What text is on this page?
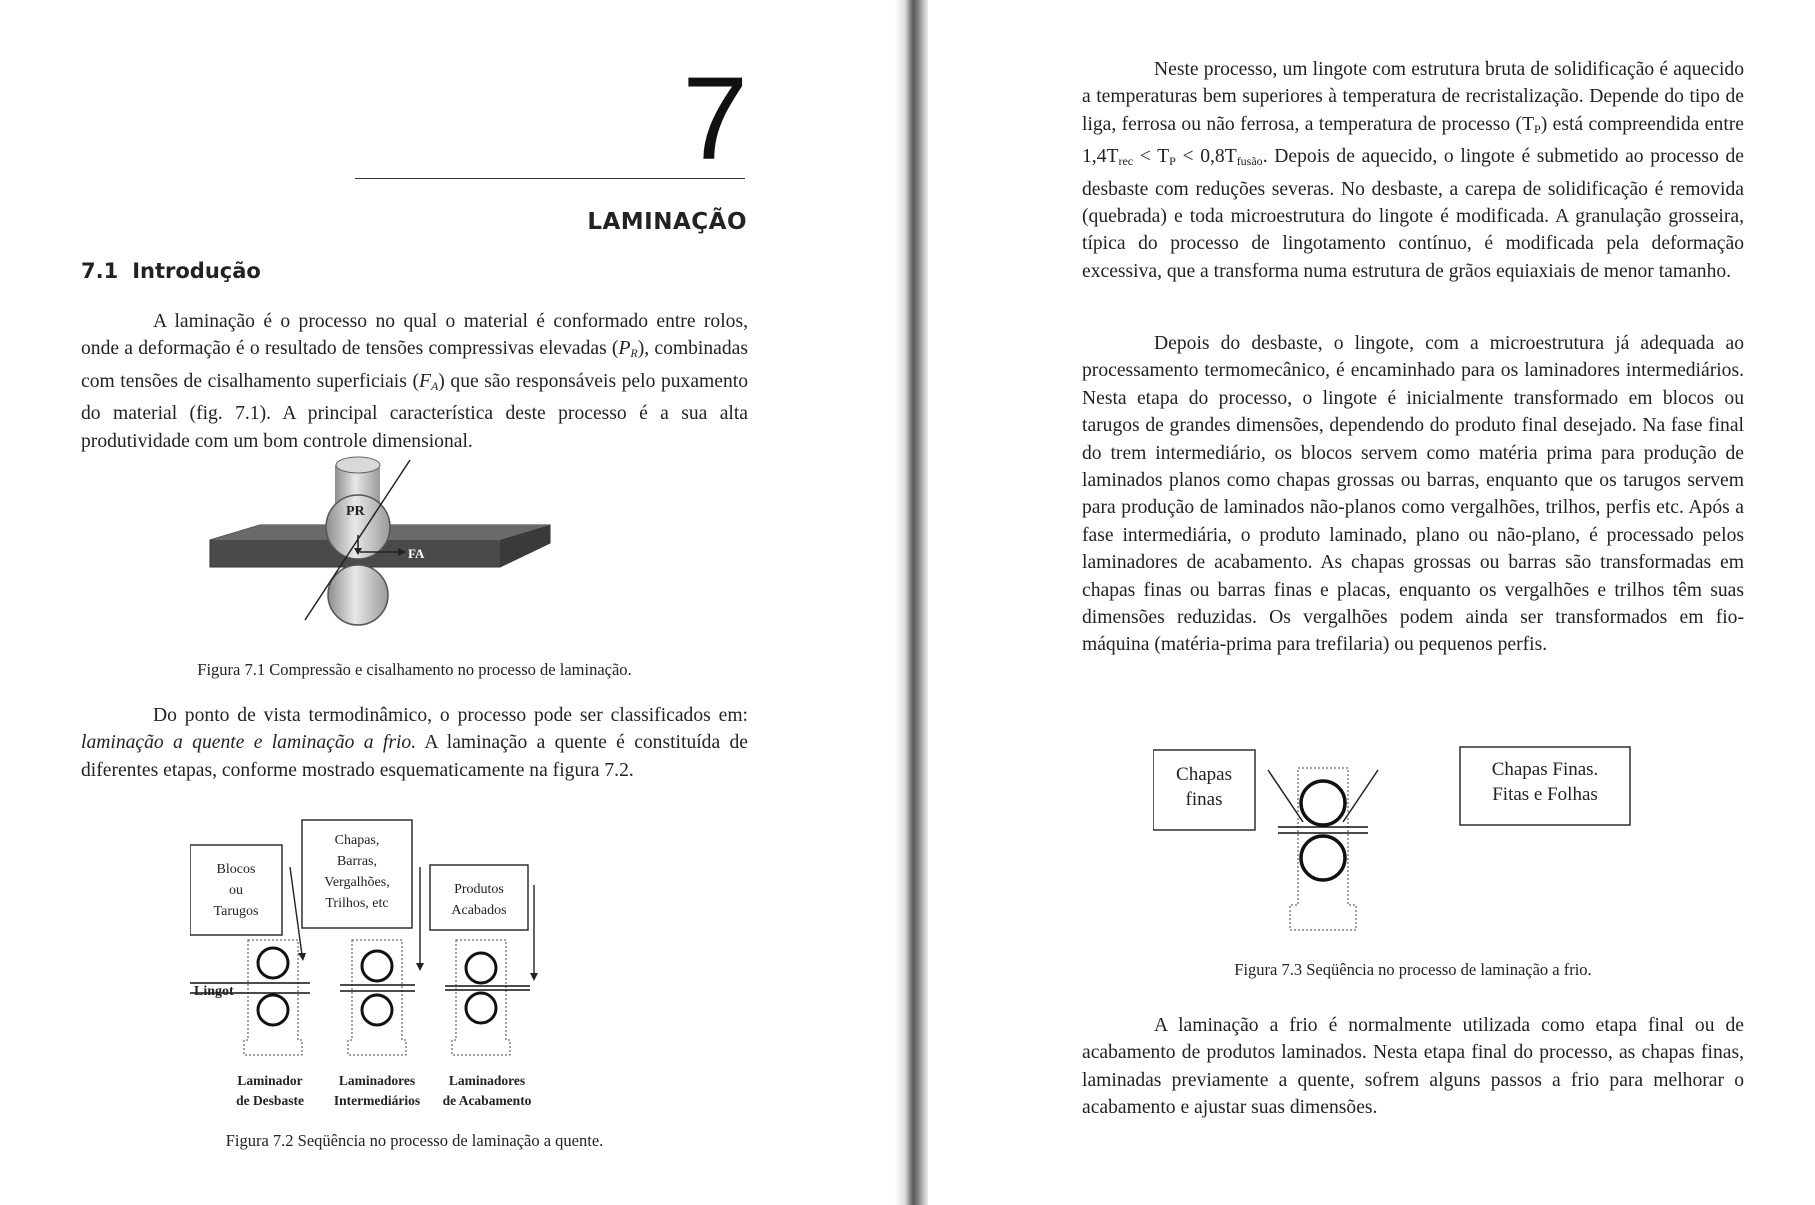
7
LAMINAÇÃO
7.1 Introdução

A laminação é o processo no qual o material é conformado entre rolos, onde a deformação é o resultado de tensões compressivas elevadas $(P_R)$, combinadas com tensões de cisalhamento superficiais $(F_A)$ que são responsáveis pelo puxamento do material (fig. 7.1). A principal característica deste processo é a sua alta produtividade com um bom controle dimensional.

PR
FA
Figura 7.1 Compressão e cisalhamento no processo de laminação.

Do ponto de vista termodinâmico, o processo pode ser classificados em: laminação a quente e laminação a frio. A laminação a quente é constituída de diferentes etapas, conforme mostrado esquematicamente na figura 7.2.

Blocos
ou
Tarugos
Chapas,
Barras,
Vergalhões,
Trilhos, etc
Produtos
Acabados
Lingot
Laminador
de Desbaste
Laminadores
Intermediários
Laminadores
de Acabamento
Figura 7.2 Seqüência no processo de laminação a quente.

Neste processo, um lingote com estrutura bruta de solidificação é aquecido a temperaturas bem superiores à temperatura de recristalização. Depende do tipo de liga, ferrosa ou não ferrosa, a temperatura de processo $(T_P)$ está compreendida entre $1,4T_{rec} < T_P < 0,8T_{fusão}$. Depois de aquecido, o lingote é submetido ao processo de desbaste com reduções severas. No desbaste, a carepa de solidificação é removida (quebrada) e toda microestrutura do lingote é modificada. A granulação grosseira, típica do processo de lingotamento contínuo, é modificada pela deformação excessiva, que a transforma numa estrutura de grãos equiaxiais de menor tamanho.

Depois do desbaste, o lingote, com a microestrutura já adequada ao processamento termomecânico, é encaminhado para os laminadores intermediários. Nesta etapa do processo, o lingote é inicialmente transformado em blocos ou tarugos de grandes dimensões, dependendo do produto final desejado. Na fase final do trem intermediário, os blocos servem como matéria prima para produção de laminados planos como chapas grossas ou barras, enquanto que os tarugos servem para produção de laminados não-planos como vergalhões, trilhos, perfis etc. Após a fase intermediária, o produto laminado, plano ou não-plano, é processado pelos laminadores de acabamento. As chapas grossas ou barras são transformadas em chapas finas ou barras finas e placas, enquanto os vergalhões e trilhos têm suas dimensões reduzidas. Os vergalhões podem ainda ser transformados em fio-máquina (matéria-prima para trefilaria) ou pequenos perfis.

Chapas
finas
Chapas Finas.
Fitas e Folhas
Figura 7.3 Seqüência no processo de laminação a frio.

A laminação a frio é normalmente utilizada como etapa final ou de acabamento de produtos laminados. Nesta etapa final do processo, as chapas finas, laminadas previamente a quente, sofrem alguns passos a frio para melhorar o acabamento e ajustar suas dimensões.
